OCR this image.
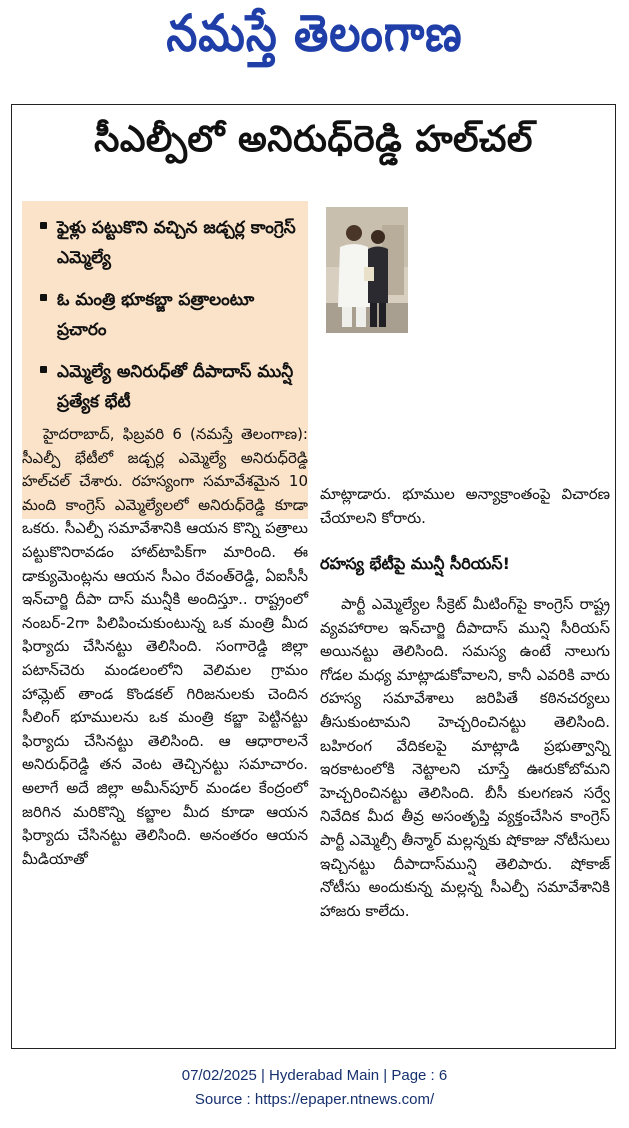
నమస్తే తెలంగాణ
సీఎల్పీలో అనిరుధ్‌రెడ్డి హల్‌చల్‌
ఫైళ్లు పట్టుకొని వచ్చిన జడ్చర్ల కాంగ్రెస్‌ ఎమ్మెల్యే
ఓ మంత్రి భూకబ్జా పత్రాలంటూ ప్రచారం
ఎమ్మెల్యే అనిరుధ్‌తో దీపాదాస్‌ మున్షీ ప్రత్యేక భేటీ

హైదరాబాద్‌, ఫిబ్రవరి 6 (నమస్తే తెలంగాణ): సీఎల్పీ భేటీలో జడ్చర్ల ఎమ్మెల్యే అనిరుధ్‌రెడ్డి హల్‌చల్‌ చేశారు. రహస్యంగా సమావేశమైన 10 మంది కాంగ్రెస్‌ ఎమ్మెల్యేలలో అనిరుధ్‌రెడ్డి కూడా ఒకరు. సీఎల్పీ సమావేశానికి ఆయన కొన్ని పత్రాలు పట్టుకొనిరావడం హాట్‌టాపిక్‌గా మారింది. ఈ డాక్యుమెంట్లను ఆయన సీఎం రేవంత్‌రెడ్డి, ఏఐసీసీ ఇన్‌చార్జి దీపా దాస్‌ మున్షీకి అందిస్తూ.. రాష్ట్రంలో నంబర్‌-2గా పిలిపించుకుంటున్న ఒక మంత్రి మీద ఫిర్యాదు చేసినట్టు తెలిసింది. సంగారెడ్డి జిల్లా పటాన్‌చెరు మండలంలోని వెలిమల గ్రామం హామ్లెట్‌ తాండ కొండకల్‌ గిరిజనులకు చెందిన సీలింగ్‌ భూములను ఒక మంత్రి కబ్జా పెట్టినట్టు ఫిర్యాదు చేసినట్టు తెలిసింది. ఆ ఆధారాలనే అనిరుధ్‌రెడ్డి తన వెంట తెచ్చినట్టు సమాచారం. అలాగే అదే జిల్లా అమీన్‌పూర్‌ మండల కేంద్రంలో జరిగిన మరికొన్ని కబ్జాల మీద కూడా ఆయన ఫిర్యాదు చేసినట్టు తెలిసింది. అనంతరం ఆయన మీడియాతో

మాట్లాడారు. భూముల అన్యాక్రాంతంపై విచారణ చేయాలని కోరారు.
రహస్య భేటీపై మున్షీ సీరియస్‌!

పార్టీ ఎమ్మెల్యేల సీక్రెట్‌ మీటింగ్‌పై కాంగ్రెస్‌ రాష్ట్ర వ్యవహారాల ఇన్‌చార్జి దీపాదాస్‌ మున్షి సీరియస్‌ అయినట్టు తెలిసింది. సమస్య ఉంటే నాలుగు గోడల మధ్య మాట్లాడుకోవాలని, కానీ ఎవరికి వారు రహస్య సమావేశాలు జరిపితే కఠినచర్యలు తీసుకుంటామని హెచ్చరించినట్టు తెలిసింది. బహిరంగ వేదికలపై మాట్లాడి ప్రభుత్వాన్ని ఇరకాటంలోకి నెట్టాలని చూస్తే ఊరుకోబోమని హెచ్చరించినట్టు తెలిసింది. బీసీ కులగణన సర్వే నివేదిక మీద తీవ్ర అసంతృప్తి వ్యక్తంచేసిన కాంగ్రెస్‌ పార్టీ ఎమ్మెల్సీ తీన్మార్‌ మల్లన్నకు షోకాజు నోటీసులు ఇచ్చినట్టు దీపాదాస్‌మున్షి తెలిపారు. షోకాజ్‌ నోటీసు అందుకున్న మల్లన్న సీఎల్పీ సమావేశానికి హాజరు కాలేదు.

07/02/2025 | Hyderabad Main | Page : 6
Source : https://epaper.ntnews.com/
